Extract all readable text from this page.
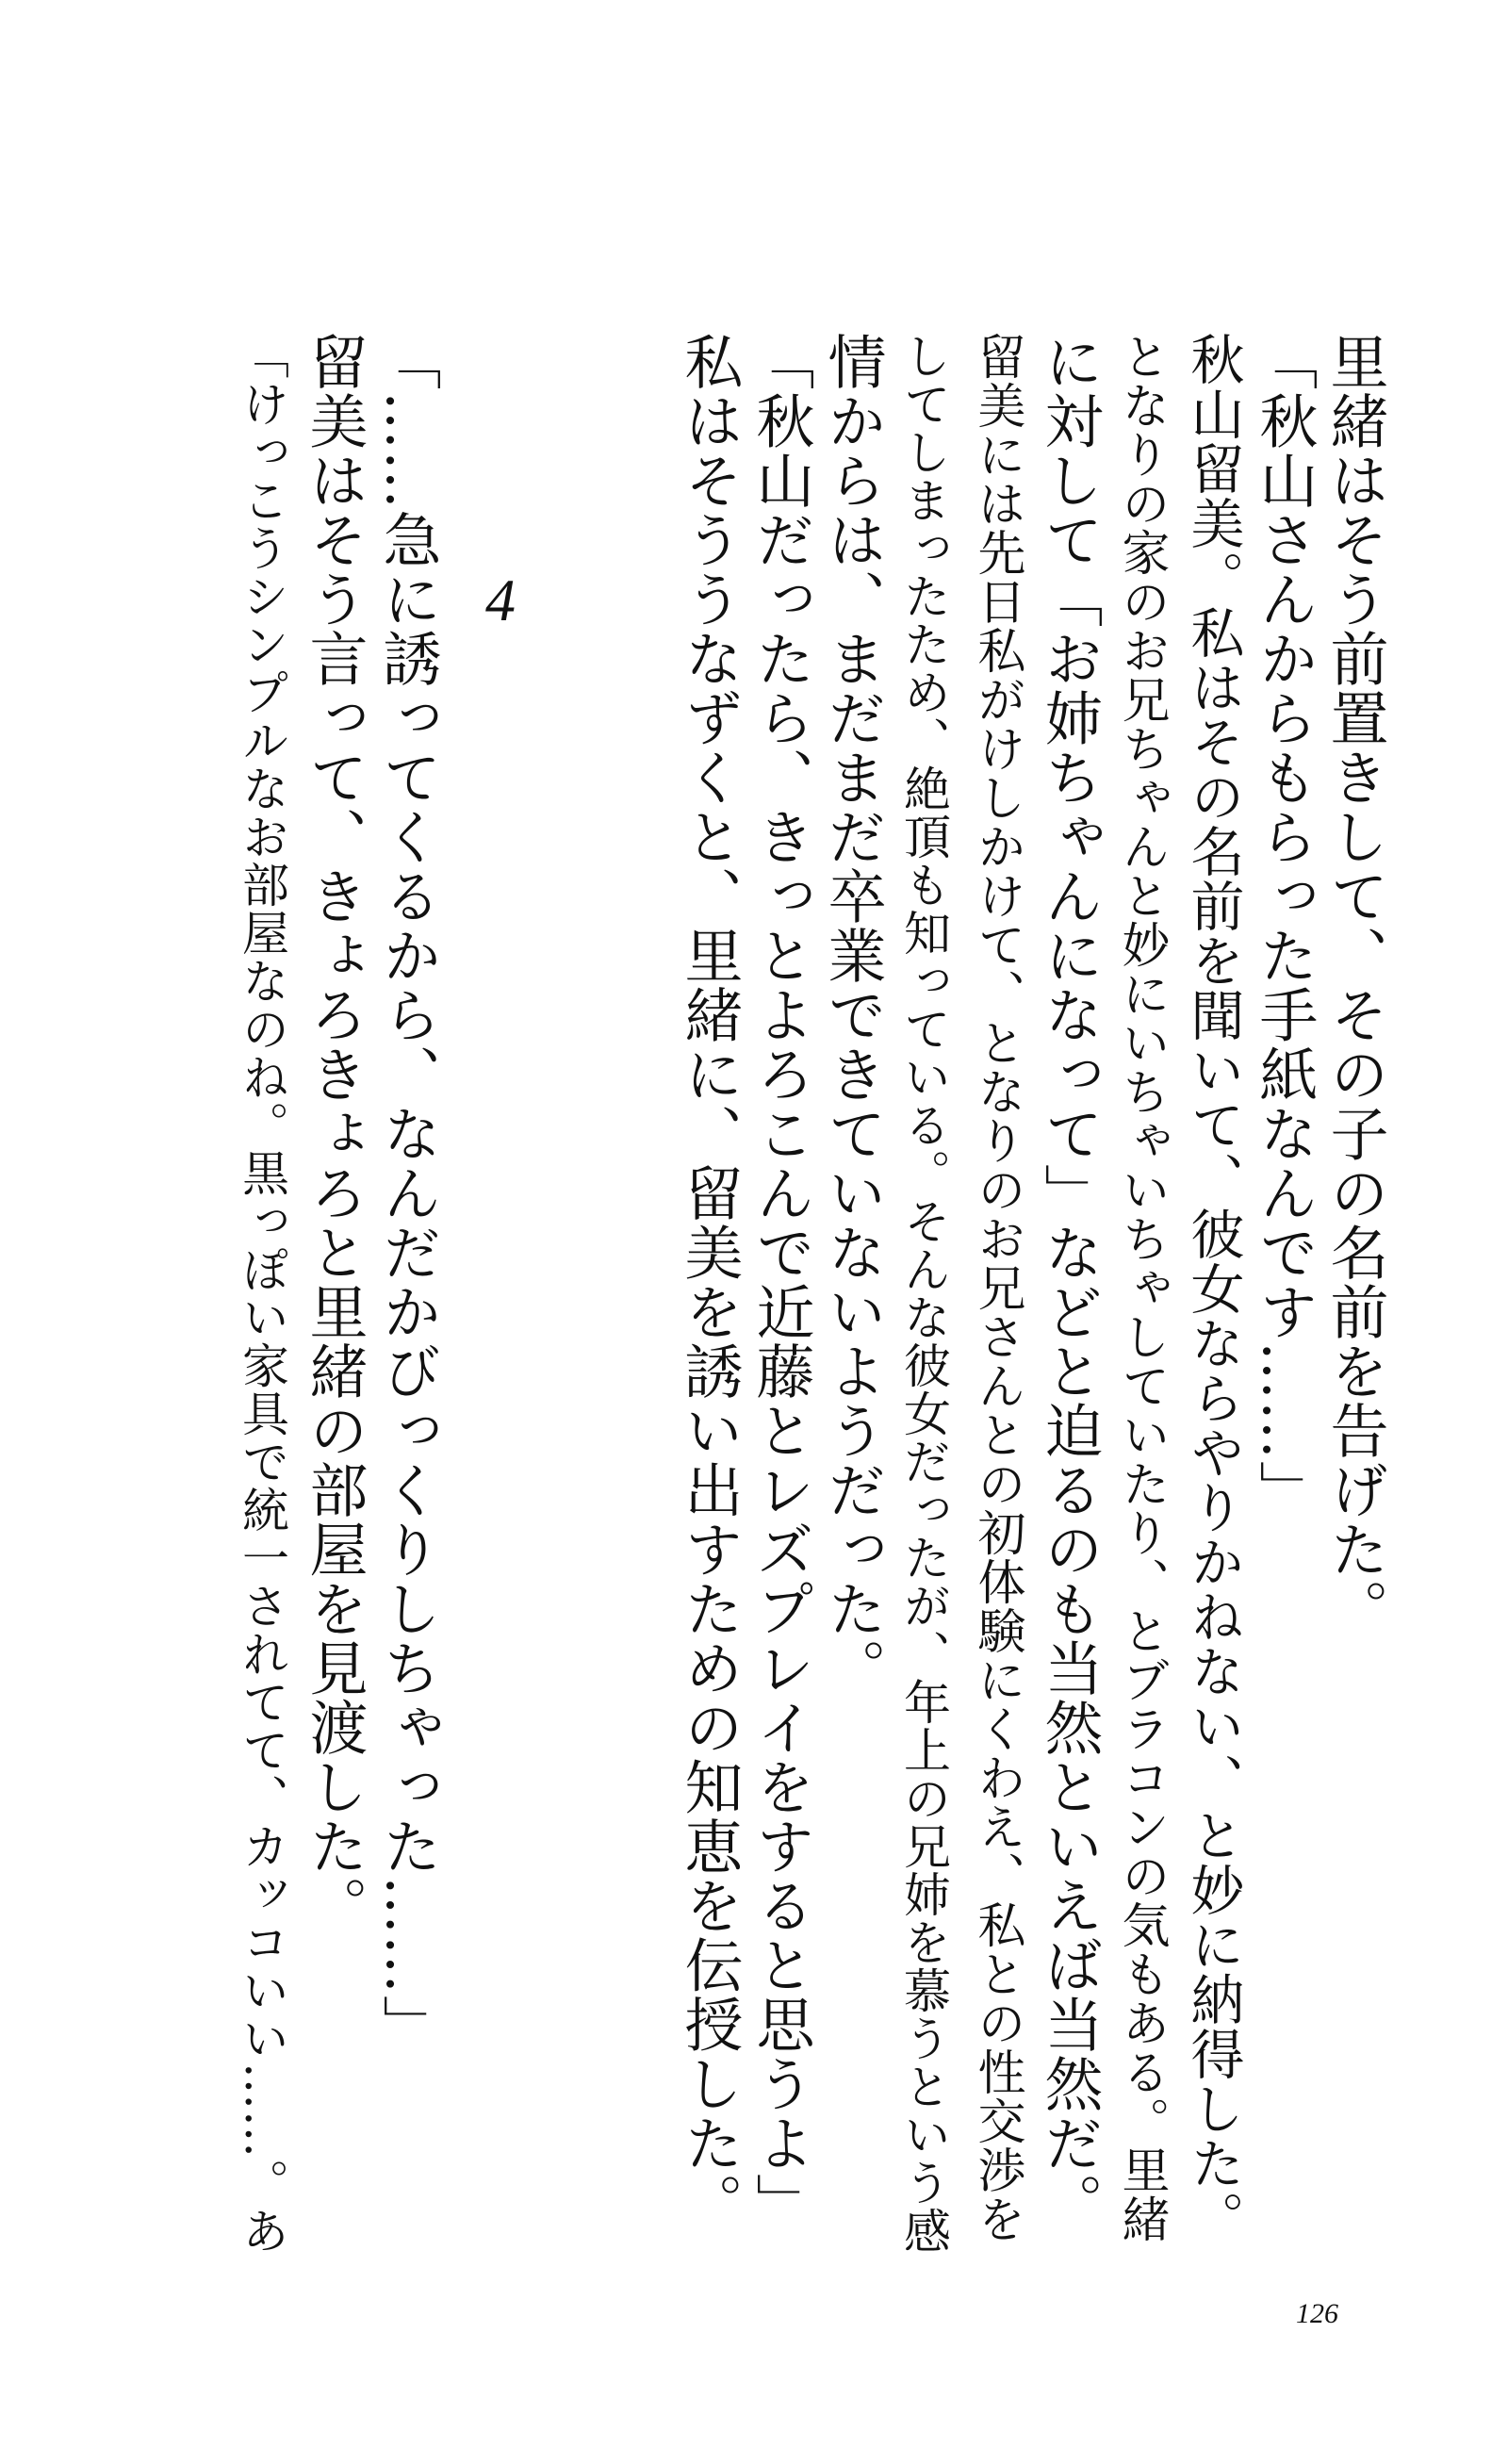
里緒はそう前置きして、その子の名前を告げた。
「秋山さんからもらった手紙なんです……」
秋山留美。私はその名前を聞いて、彼女ならやりかねない、と妙に納得した。
となりの家のお兄ちゃんと妙にいちゃいちゃしていたり、とブラコンの気もある。里緒
に対して「お姉ちゃんになって」などと迫るのも当然といえば当然だ。
留美には先日私がけしかけて、となりのお兄さんとの初体験にくわえ、私との性交渉を
してしまったため、絶頂も知っている。そんな彼女だったが、年上の兄姉を慕うという感
情からは、まだまだ卒業できていないようだった。
「秋山だったら、きっとよろこんで近藤とレズプレイをすると思うよ」
私はそううなずくと、里緒に、留美を誘い出すための知恵を伝授した。
4
「……急に誘ってくるから、なんだかびっくりしちゃった……」
留美はそう言って、きょろきょろと里緒の部屋を見渡した。
「けっこうシンプルなお部屋なのね。黒っぽい家具で統一されてて、カッコいい……。あ
126
